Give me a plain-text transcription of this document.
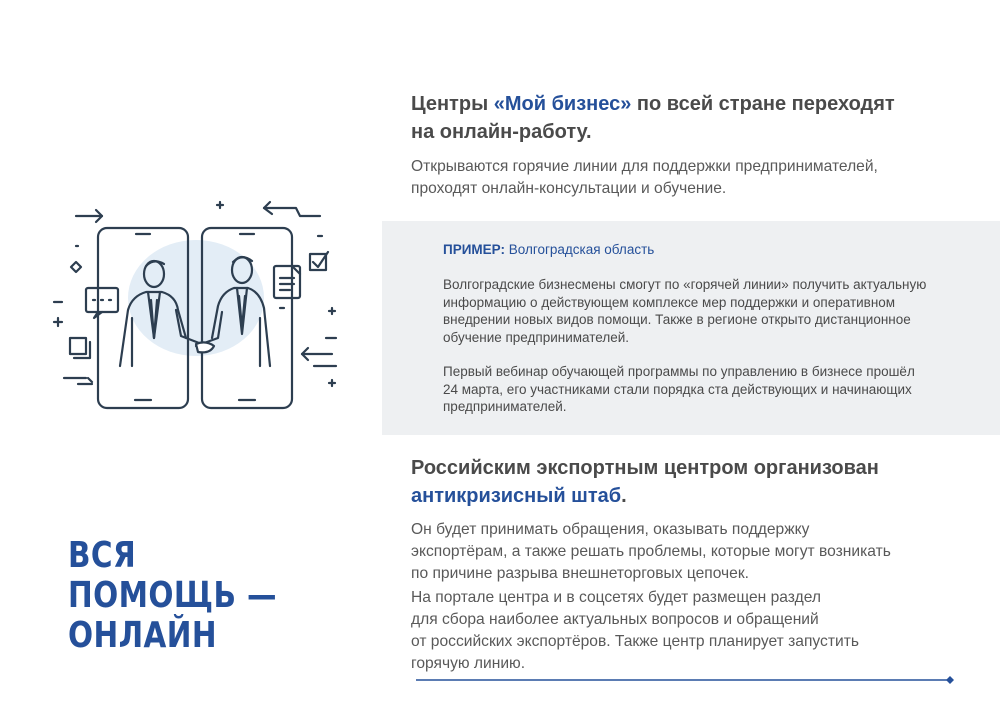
ВСЯ
ПОМОЩЬ —
ОНЛАЙН
Центры «Мой бизнес» по всей стране переходят
на онлайн-работу.

Открываются горячие линии для поддержки предпринимателей,
проходят онлайн-консультации и обучение.

ПРИМЕР: Волгоградская область

Волгоградские бизнесмены смогут по «горячей линии» получить актуальную
информацию о действующем комплексе мер поддержки и оперативном
внедрении новых видов помощи. Также в регионе открыто дистанционное
обучение предпринимателей.

Первый вебинар обучающей программы по управлению в бизнесе прошёл
24 марта, его участниками стали порядка ста действующих и начинающих
предпринимателей.

Российским экспортным центром организован
антикризисный штаб.

Он будет принимать обращения, оказывать поддержку
экспортёрам, а также решать проблемы, которые могут возникать
по причине разрыва внешнеторговых цепочек.

На портале центра и в соцсетях будет размещен раздел
для сбора наиболее актуальных вопросов и обращений
от российских экспортёров. Также центр планирует запустить
горячую линию.
